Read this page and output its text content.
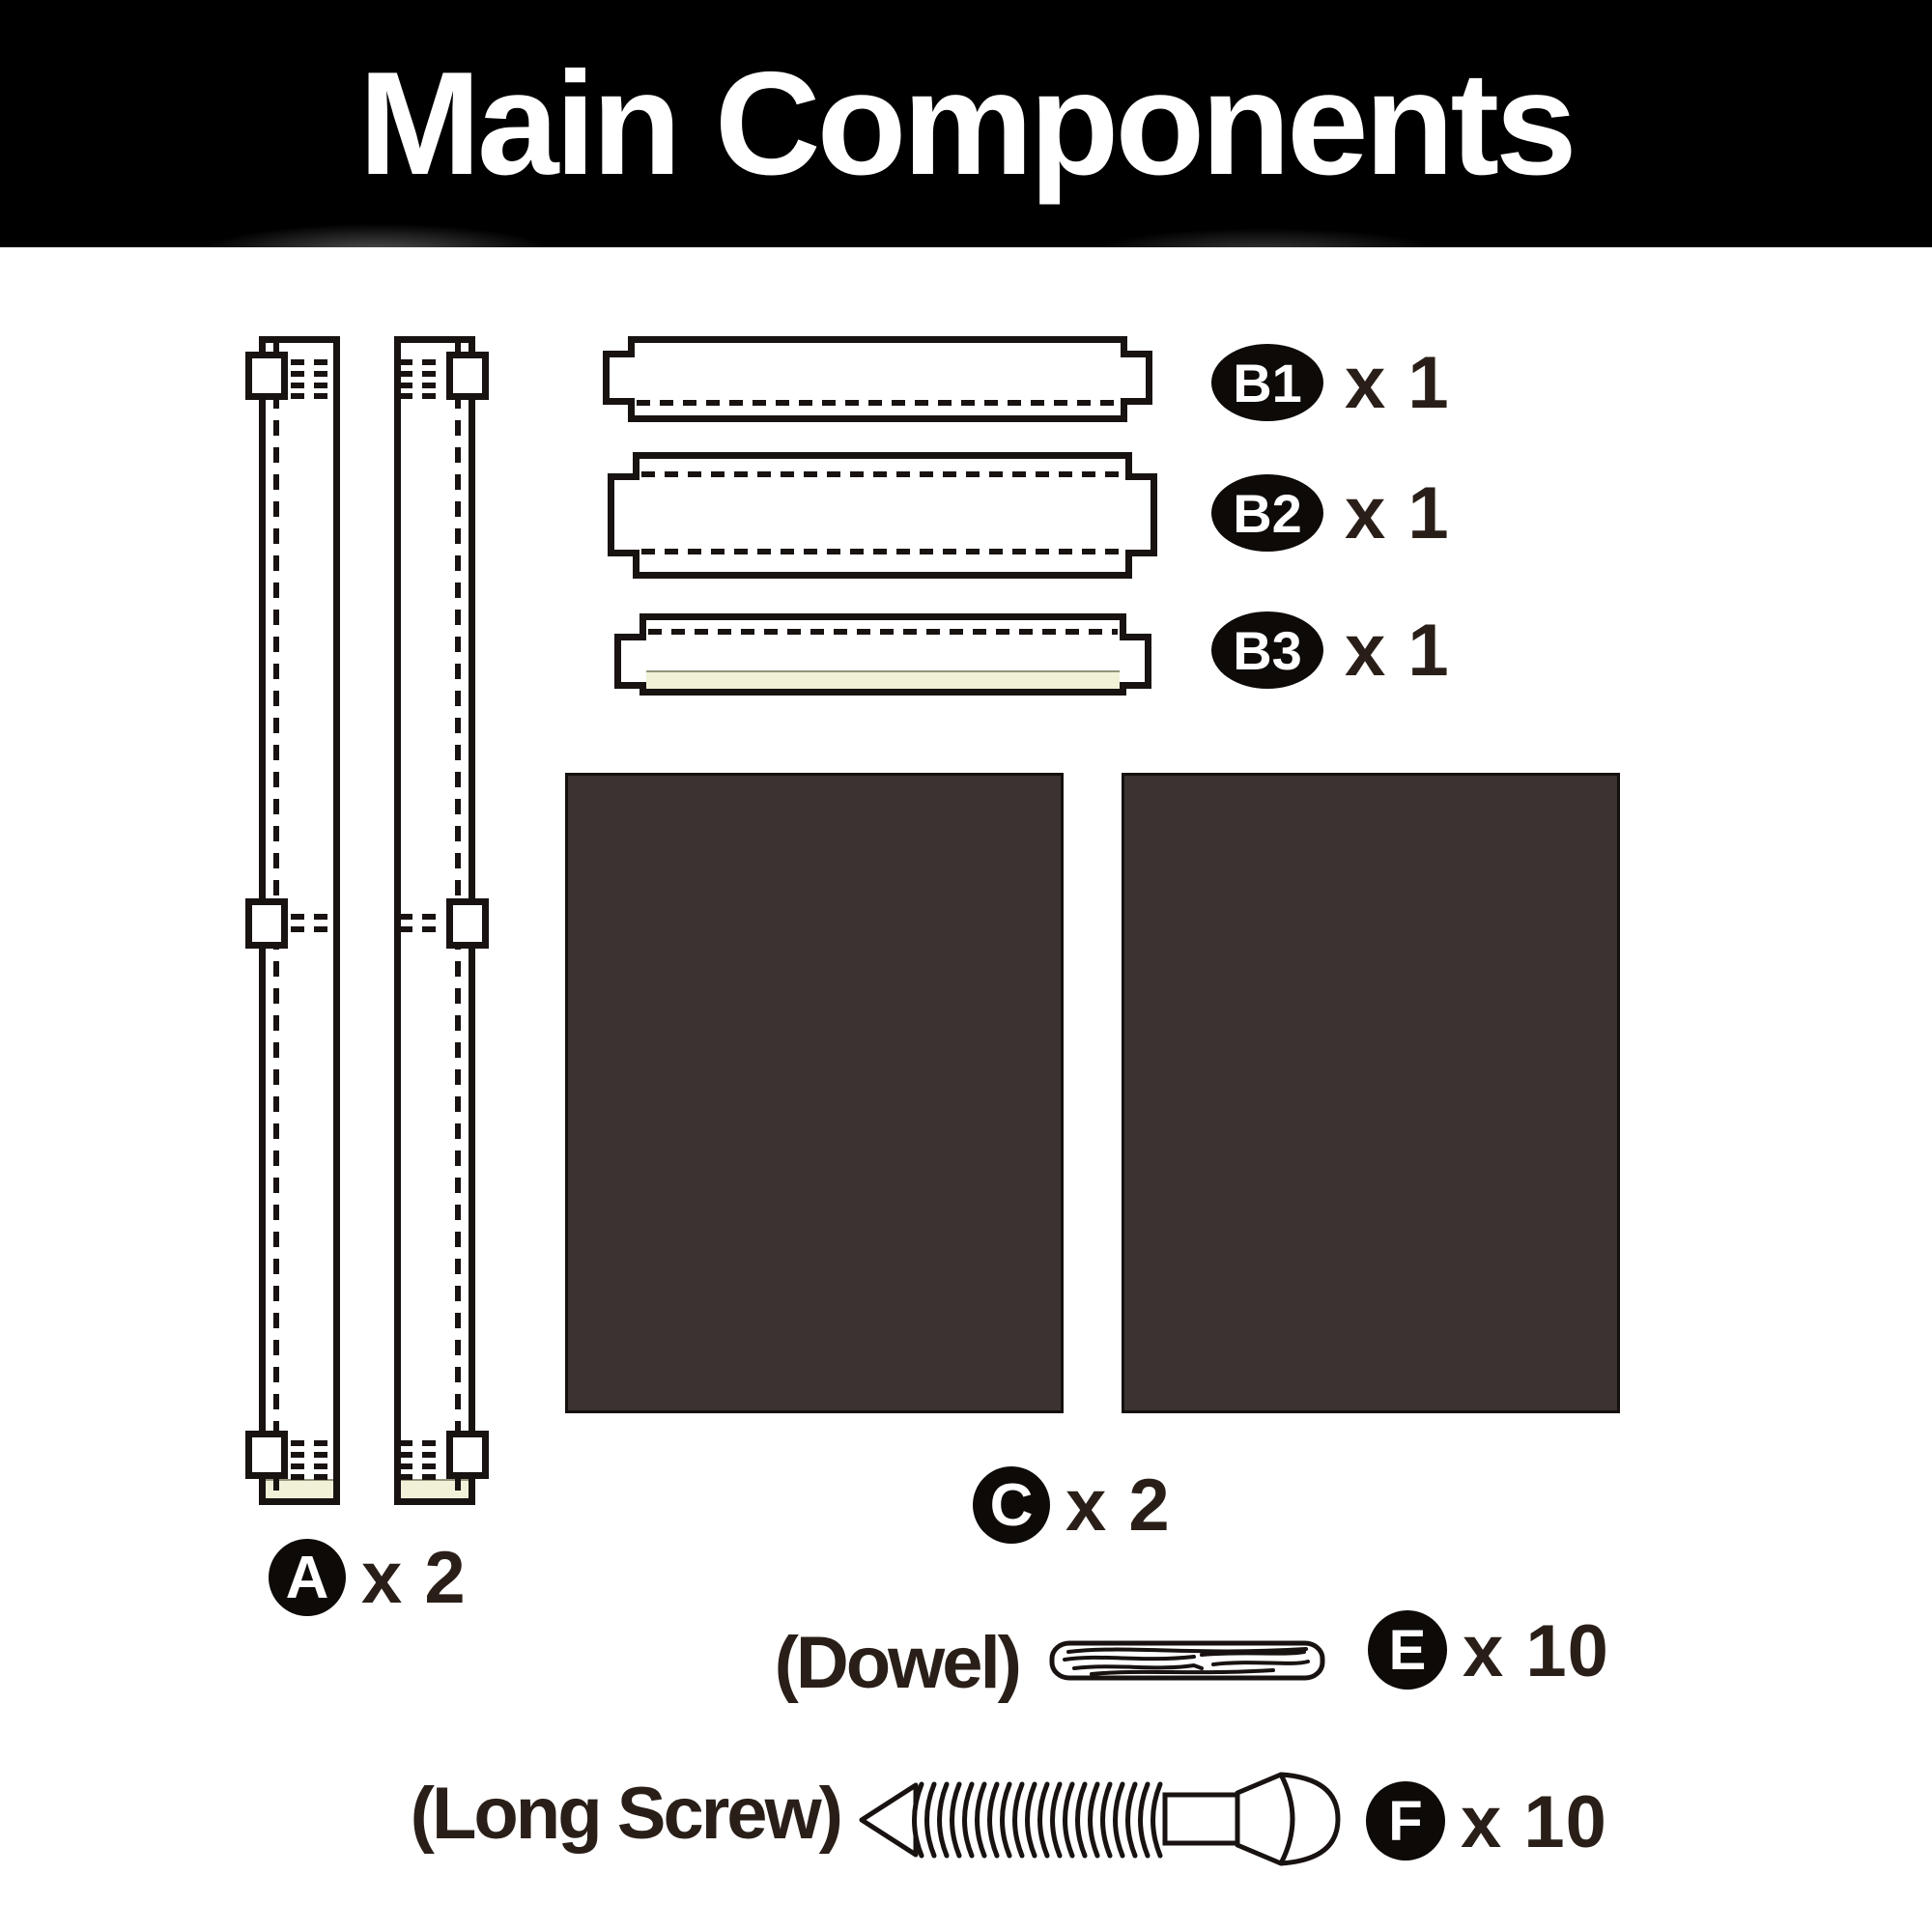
Main Components
A x 2
B1 x 1
B2 x 1
B3 x 1
C x 2
(Dowel)	E x 10
(Long Screw)	F x 10
